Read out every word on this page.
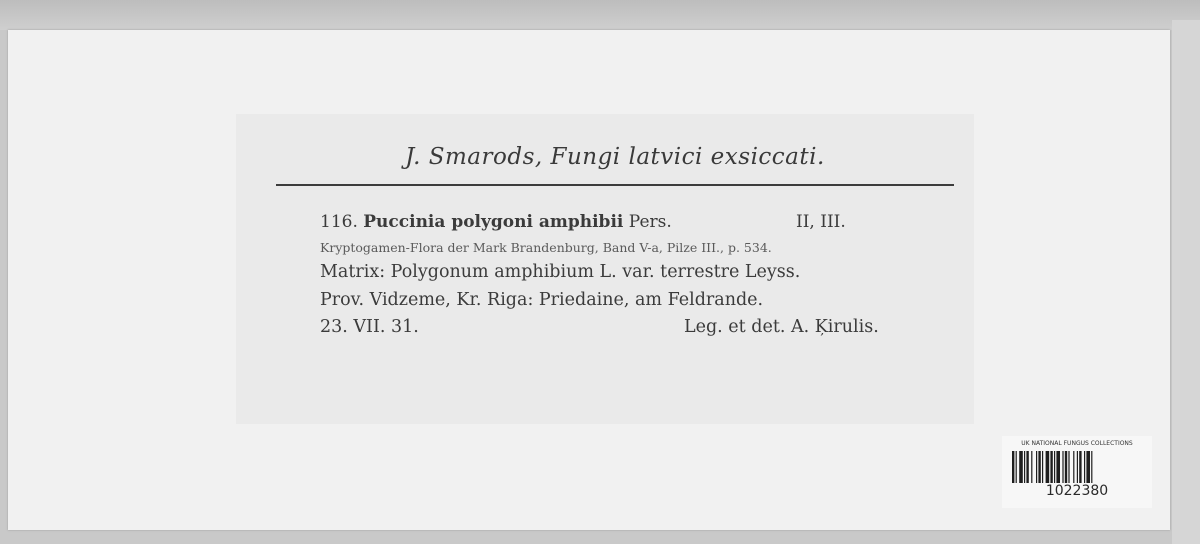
J. Smarods, Fungi latvici exsiccati.
116. Puccinia polygoni amphibii Pers.	II, III.
Kryptogamen-Flora der Mark Brandenburg, Band V-a, Pilze III., p. 534.
Matrix: Polygonum amphibium L. var. terrestre Leyss.
Prov. Vidzeme, Kr. Riga: Priedaine, am Feldrande.
23. VII. 31.	Leg. et det. A. Ķirulis.
UK NATIONAL FUNGUS COLLECTIONS
1022380
